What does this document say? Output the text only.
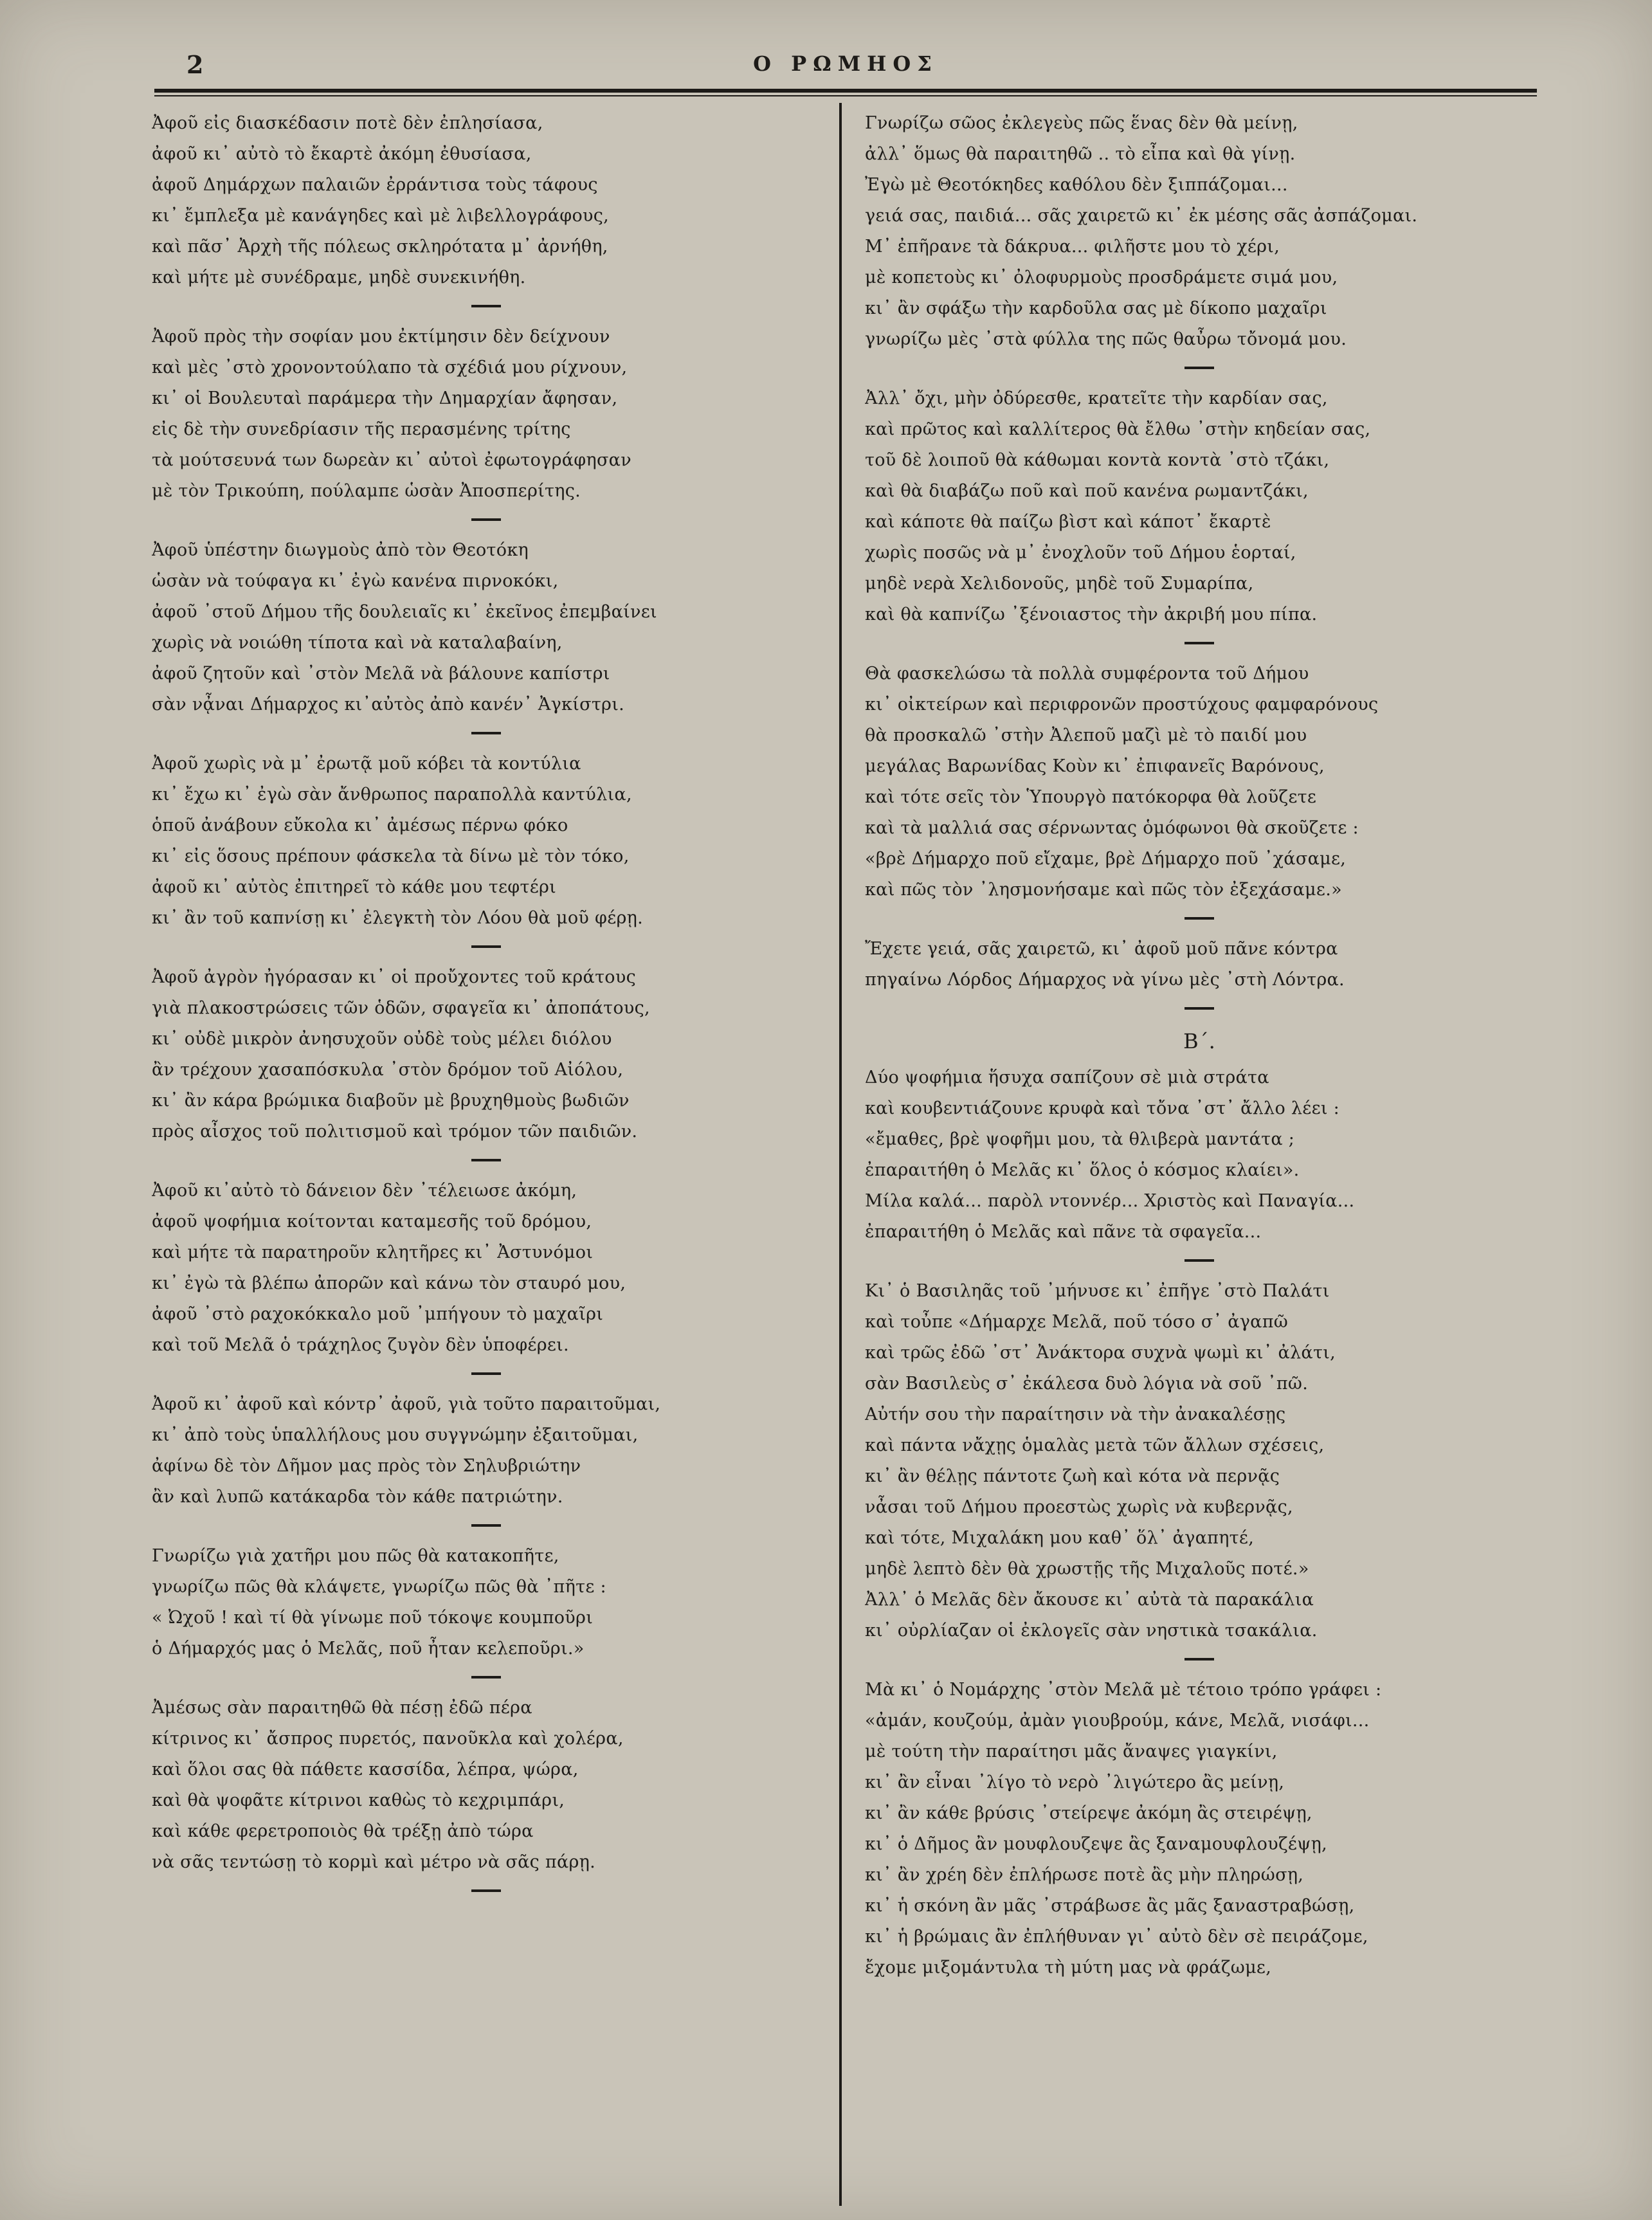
2	Ο ΡΩΜΗΟΣ
Ἀφοῦ εἰς διασκέδασιν ποτὲ δὲν ἐπλησίασα,
ἀφοῦ κι᾽ αὐτὸ τὸ ἔκαρτὲ ἀκόμη ἐθυσίασα,
ἀφοῦ Δημάρχων παλαιῶν ἐρράντισα τοὺς τάφους
κι᾽ ἔμπλεξα μὲ κανάγηδες καὶ μὲ λιβελλογράφους,
καὶ πᾶσ᾽ Ἀρχὴ τῆς πόλεως σκληρότατα μ᾽ ἀρνήθη,
καὶ μήτε μὲ συνέδραμε, μηδὲ συνεκινήθη.
Ἀφοῦ πρὸς τὴν σοφίαν μου ἐκτίμησιν δὲν δείχνουν
καὶ μὲς ᾽στὸ χρονοντούλαπο τὰ σχέδιά μου ρίχνουν,
κι᾽ οἱ Βουλευταὶ παράμερα τὴν Δημαρχίαν ἄφησαν,
εἰς δὲ τὴν συνεδρίασιν τῆς περασμένης τρίτης
τὰ μούτσευνά των δωρεὰν κι᾽ αὐτοὶ ἐφωτογράφησαν
μὲ τὸν Τρικούπη, πούλαμπε ὡσὰν Ἀποσπερίτης.
Ἀφοῦ ὑπέστην διωγμοὺς ἀπὸ τὸν Θεοτόκη
ὡσὰν νὰ τούφαγα κι᾽ ἐγὼ κανένα πιρνοκόκι,
ἀφοῦ ᾽στοῦ Δήμου τῆς δουλειαῖς κι᾽ ἐκεῖνος ἐπεμβαίνει
χωρὶς νὰ νοιώθη τίποτα καὶ νὰ καταλαβαίνη,
ἀφοῦ ζητοῦν καὶ ᾽στὸν Μελᾶ νὰ βάλουνε καπίστρι
σὰν νᾆναι Δήμαρχος κι᾽αὐτὸς ἀπὸ κανέν᾽ Ἀγκίστρι.
Ἀφοῦ χωρὶς νὰ μ᾽ ἐρωτᾷ μοῦ κόβει τὰ κοντύλια
κι᾽ ἔχω κι᾽ ἐγὼ σὰν ἄνθρωπος παραπολλὰ καντύλια,
ὁποῦ ἀνάβουν εὔκολα κι᾽ ἀμέσως πέρνω φόκο
κι᾽ εἰς ὅσους πρέπουν φάσκελα τὰ δίνω μὲ τὸν τόκο,
ἀφοῦ κι᾽ αὐτὸς ἐπιτηρεῖ τὸ κάθε μου τεφτέρι
κι᾽ ἂν τοῦ καπνίσῃ κι᾽ ἐλεγκτὴ τὸν Λόου θὰ μοῦ φέρῃ.
Ἀφοῦ ἀγρὸν ἠγόρασαν κι᾽ οἱ προὔχοντες τοῦ κράτους
γιὰ πλακοστρώσεις τῶν ὁδῶν, σφαγεῖα κι᾽ ἀποπάτους,
κι᾽ οὐδὲ μικρὸν ἀνησυχοῦν οὐδὲ τοὺς μέλει διόλου
ἂν τρέχουν χασαπόσκυλα ᾽στὸν δρόμον τοῦ Αἰόλου,
κι᾽ ἂν κάρα βρώμικα διαβοῦν μὲ βρυχηθμοὺς βωδιῶν
πρὸς αἶσχος τοῦ πολιτισμοῦ καὶ τρόμον τῶν παιδιῶν.
Ἀφοῦ κι᾽αὐτὸ τὸ δάνειον δὲν ᾽τέλειωσε ἀκόμη,
ἀφοῦ ψοφήμια κοίτονται καταμεσῆς τοῦ δρόμου,
καὶ μήτε τὰ παρατηροῦν κλητῆρες κι᾽ Ἀστυνόμοι
κι᾽ ἐγὼ τὰ βλέπω ἀπορῶν καὶ κάνω τὸν σταυρό μου,
ἀφοῦ ᾽στὸ ραχοκόκκαλο μοῦ ᾽μπήγουν τὸ μαχαῖρι
καὶ τοῦ Μελᾶ ὁ τράχηλος ζυγὸν δὲν ὑποφέρει.
Ἀφοῦ κι᾽ ἀφοῦ καὶ κόντρ᾽ ἀφοῦ, γιὰ τοῦτο παραιτοῦμαι,
κι᾽ ἀπὸ τοὺς ὑπαλλήλους μου συγγνώμην ἐξαιτοῦμαι,
ἀφίνω δὲ τὸν Δῆμον μας πρὸς τὸν Σηλυβριώτην
ἂν καὶ λυπῶ κατάκαρδα τὸν κάθε πατριώτην.
Γνωρίζω γιὰ χατῆρι μου πῶς θὰ κατακοπῆτε,
γνωρίζω πῶς θὰ κλάψετε, γνωρίζω πῶς θὰ ᾽πῆτε :
« Ὠχοῦ ! καὶ τί θὰ γίνωμε ποῦ τόκοψε κουμποῦρι
ὁ Δήμαρχός μας ὁ Μελᾶς, ποῦ ἦταν κελεποῦρι.»
Ἀμέσως σὰν παραιτηθῶ θὰ πέσῃ ἐδῶ πέρα
κίτρινος κι᾽ ἄσπρος πυρετός, πανοῦκλα καὶ χολέρα,
καὶ ὅλοι σας θὰ πάθετε κασσίδα, λέπρα, ψώρα,
καὶ θὰ ψοφᾶτε κίτρινοι καθὼς τὸ κεχριμπάρι,
καὶ κάθε φερετροποιὸς θὰ τρέξῃ ἀπὸ τώρα
νὰ σᾶς τεντώσῃ τὸ κορμὶ καὶ μέτρο νὰ σᾶς πάρῃ.
Γνωρίζω σῶος ἐκλεγεὺς πῶς ἕνας δὲν θὰ μείνῃ,
ἀλλ᾽ ὅμως θὰ παραιτηθῶ .. τὸ εἶπα καὶ θὰ γίνῃ.
Ἐγὼ μὲ Θεοτόκηδες καθόλου δὲν ξιππάζομαι...
γειά σας, παιδιά... σᾶς χαιρετῶ κι᾽ ἐκ μέσης σᾶς ἀσπάζομαι.
Μ᾽ ἐπῆρανε τὰ δάκρυα... φιλῆστε μου τὸ χέρι,
μὲ κοπετοὺς κι᾽ ὀλοφυρμοὺς προσδράμετε σιμά μου,
κι᾽ ἂν σφάξω τὴν καρδοῦλα σας μὲ δίκοπο μαχαῖρι
γνωρίζω μὲς ᾽στὰ φύλλα της πῶς θαὖρω τὄνομά μου.
Ἀλλ᾽ ὄχι, μὴν ὀδύρεσθε, κρατεῖτε τὴν καρδίαν σας,
καὶ πρῶτος καὶ καλλίτερος θὰ ἔλθω ᾽στὴν κηδείαν σας,
τοῦ δὲ λοιποῦ θὰ κάθωμαι κοντὰ κοντὰ ᾽στὸ τζάκι,
καὶ θὰ διαβάζω ποῦ καὶ ποῦ κανένα ρωμαντζάκι,
καὶ κάποτε θὰ παίζω βὶστ καὶ κάποτ᾽ ἔκαρτὲ
χωρὶς ποσῶς νὰ μ᾽ ἐνοχλοῦν τοῦ Δήμου ἑορταί,
μηδὲ νερὰ Χελιδονοῦς, μηδὲ τοῦ Συμαρίπα,
καὶ θὰ καπνίζω ᾽ξένοιαστος τὴν ἀκριβή μου πίπα.
Θὰ φασκελώσω τὰ πολλὰ συμφέροντα τοῦ Δήμου
κι᾽ οἰκτείρων καὶ περιφρονῶν προστύχους φαμφαρόνους
θὰ προσκαλῶ ᾽στὴν Ἀλεποῦ μαζὶ μὲ τὸ παιδί μου
μεγάλας Βαρωνίδας Κοὺν κι᾽ ἐπιφανεῖς Βαρόνους,
καὶ τότε σεῖς τὸν Ὑπουργὸ πατόκορφα θὰ λοῦζετε
καὶ τὰ μαλλιά σας σέρνωντας ὁμόφωνοι θὰ σκοῦζετε :
«βρὲ Δήμαρχο ποῦ εἴχαμε, βρὲ Δήμαρχο ποῦ ᾽χάσαμε,
καὶ πῶς τὸν ᾽λησμονήσαμε καὶ πῶς τὸν ἐξεχάσαμε.»
Ἔχετε γειά, σᾶς χαιρετῶ, κι᾽ ἀφοῦ μοῦ πᾶνε κόντρα
πηγαίνω Λόρδος Δήμαρχος νὰ γίνω μὲς ᾽στὴ Λόντρα.
Β΄.
Δύο ψοφήμια ἥσυχα σαπίζουν σὲ μιὰ στράτα
καὶ κουβεντιάζουνε κρυφὰ καὶ τὄνα ᾽στ᾽ ἄλλο λέει :
«ἔμαθες, βρὲ ψοφῆμι μου, τὰ θλιβερὰ μαντάτα ;
ἐπαραιτήθη ὁ Μελᾶς κι᾽ ὅλος ὁ κόσμος κλαίει».
Μίλα καλά... παρὸλ ντοννέρ... Χριστὸς καὶ Παναγία...
ἐπαραιτήθη ὁ Μελᾶς καὶ πᾶνε τὰ σφαγεῖα...
Κι᾽ ὁ Βασιληᾶς τοῦ ᾽μήνυσε κι᾽ ἐπῆγε ᾽στὸ Παλάτι
καὶ τοὖπε «Δήμαρχε Μελᾶ, ποῦ τόσο σ᾽ ἀγαπῶ
καὶ τρῶς ἐδῶ ᾽στ᾽ Ἀνάκτορα συχνὰ ψωμὶ κι᾽ ἀλάτι,
σὰν Βασιλεὺς σ᾽ ἐκάλεσα δυὸ λόγια νὰ σοῦ ᾽πῶ.
Αὐτήν σου τὴν παραίτησιν νὰ τὴν ἀνακαλέσῃς
καὶ πάντα νἄχῃς ὁμαλὰς μετὰ τῶν ἄλλων σχέσεις,
κι᾽ ἂν θέλῃς πάντοτε ζωὴ καὶ κότα νὰ περνᾷς
νἆσαι τοῦ Δήμου προεστὼς χωρὶς νὰ κυβερνᾷς,
καὶ τότε, Μιχαλάκη μου καθ᾽ ὅλ᾽ ἀγαπητέ,
μηδὲ λεπτὸ δὲν θὰ χρωστῇς τῆς Μιχαλοῦς ποτέ.»
Ἀλλ᾽ ὁ Μελᾶς δὲν ἄκουσε κι᾽ αὐτὰ τὰ παρακάλια
κι᾽ οὐρλίαζαν οἱ ἐκλογεῖς σὰν νηστικὰ τσακάλια.
Μὰ κι᾽ ὁ Νομάρχης ᾽στὸν Μελᾶ μὲ τέτοιο τρόπο γράφει :
«ἀμάν, κουζούμ, ἀμὰν γιουβρούμ, κάνε, Μελᾶ, νισάφι...
μὲ τούτη τὴν παραίτησι μᾶς ἄναψες γιαγκίνι,
κι᾽ ἂν εἶναι ᾽λίγο τὸ νερὸ ᾽λιγώτερο ἂς μείνῃ,
κι᾽ ἂν κάθε βρύσις ᾽στείρεψε ἀκόμη ἂς στειρέψῃ,
κι᾽ ὁ Δῆμος ἂν μουφλουζεψε ἂς ξαναμουφλουζέψῃ,
κι᾽ ἂν χρέη δὲν ἐπλήρωσε ποτὲ ἂς μὴν πληρώσῃ,
κι᾽ ἡ σκόνη ἂν μᾶς ᾽στράβωσε ἂς μᾶς ξαναστραβώσῃ,
κι᾽ ἡ βρώμαις ἂν ἐπλήθυναν γι᾽ αὐτὸ δὲν σὲ πειράζομε,
ἔχομε μιξομάντυλα τὴ μύτη μας νὰ φράζωμε,
